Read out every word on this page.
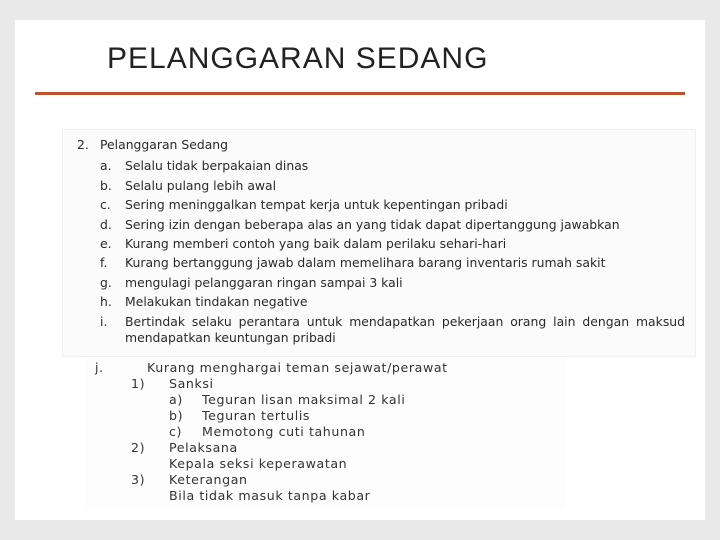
PELANGGARAN SEDANG
2. Pelanggaran Sedang
a. Selalu tidak berpakaian dinas
b. Selalu pulang lebih awal
c. Sering meninggalkan tempat kerja untuk kepentingan pribadi
d. Sering izin dengan beberapa alas an yang tidak dapat dipertanggung jawabkan
e. Kurang memberi contoh yang baik dalam perilaku sehari-hari
f. Kurang bertanggung jawab dalam memelihara barang inventaris rumah sakit
g. mengulagi pelanggaran ringan sampai 3 kali
h. Melakukan tindakan negative
i. Bertindak selaku perantara untuk mendapatkan pekerjaan orang lain dengan maksud mendapatkan keuntungan pribadi
j.	Kurang menghargai teman sejawat/perawat
1) Sanksi
a) Teguran lisan maksimal 2 kali
b) Teguran tertulis
c) Memotong cuti tahunan
2) Pelaksana
Kepala seksi keperawatan
3) Keterangan
Bila tidak masuk tanpa kabar
